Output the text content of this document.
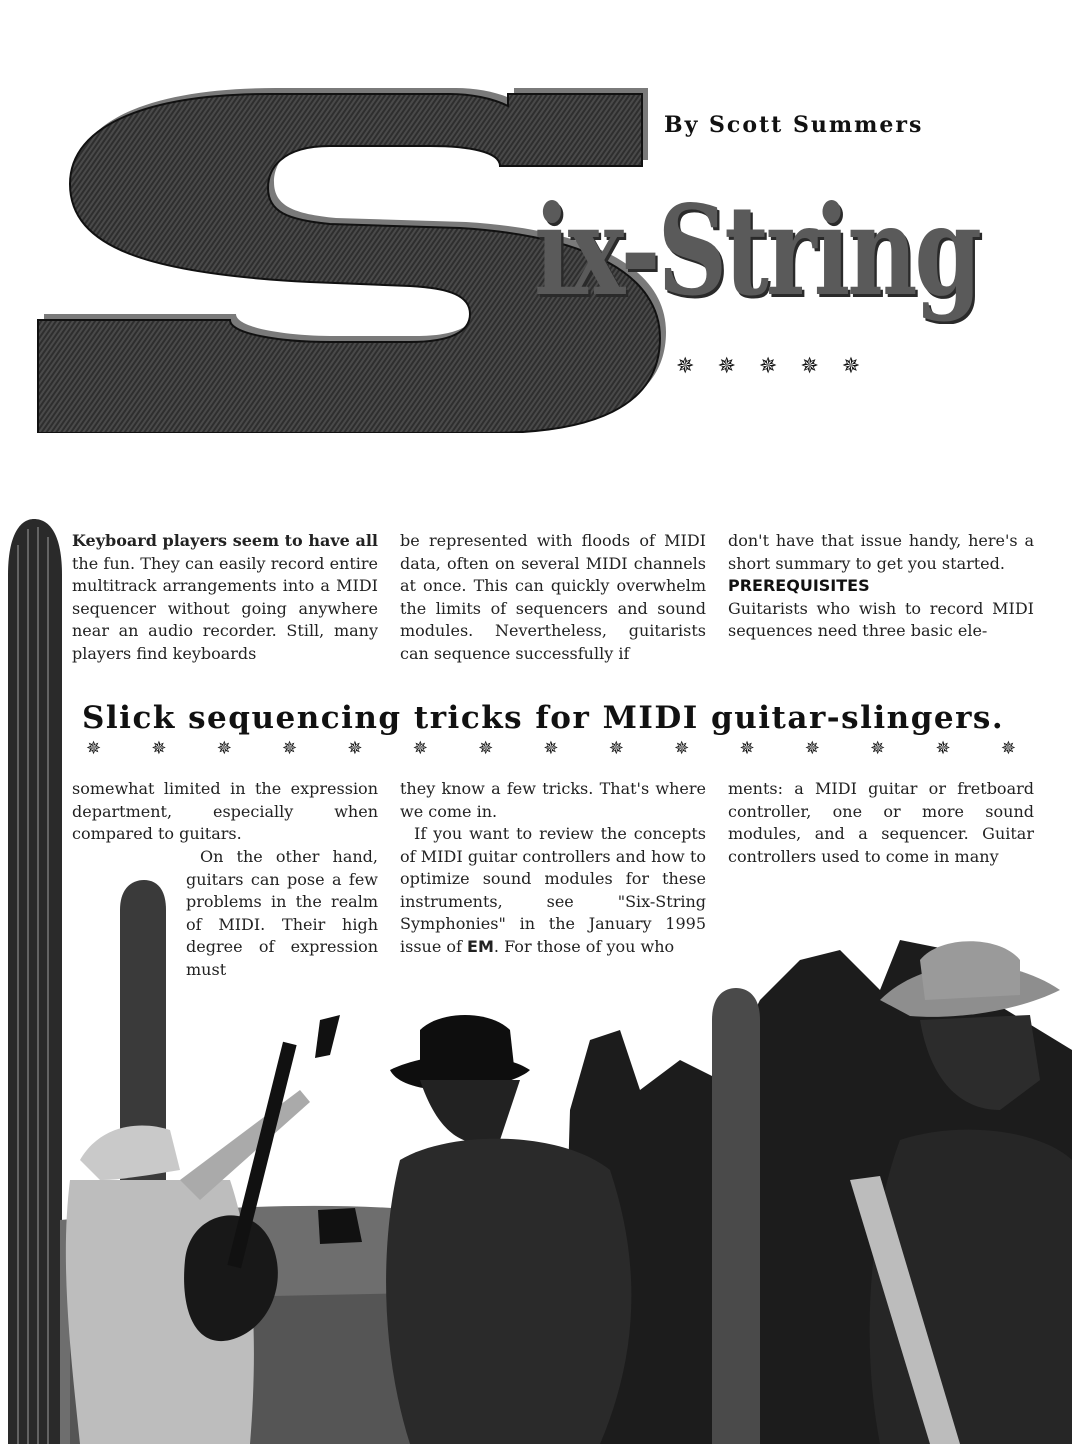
By Scott Summers
ix-String
✵✵✵✵✵

Keyboard players seem to have all the fun. They can easily record entire multitrack arrangements into a MIDI sequencer without going anywhere near an audio recorder. Still, many players find keyboards

be represented with floods of MIDI data, often on several MIDI channels at once. This can quickly overwhelm the limits of sequencers and sound modules. Nevertheless, guitarists can sequence successfully if

don't have that issue handy, here's a short summary to get you started.

PREREQUISITES

Guitarists who wish to record MIDI sequences need three basic ele-

Slick sequencing tricks for MIDI guitar-slingers.
✵	✵	✵	✵	✵	✵	✵	✵	✵	✵	✵	✵	✵	✵	✵

somewhat limited in the expression department, especially when compared to guitars.

On the other hand, guitars can pose a few problems in the realm of MIDI. Their high degree of expression must

they know a few tricks. That's where we come in.

If you want to review the concepts of MIDI guitar controllers and how to optimize sound modules for these instruments, see "Six-String Symphonies" in the January 1995 issue of EM. For those of you who

ments: a MIDI guitar or fretboard controller, one or more sound modules, and a sequencer. Guitar controllers used to come in many
